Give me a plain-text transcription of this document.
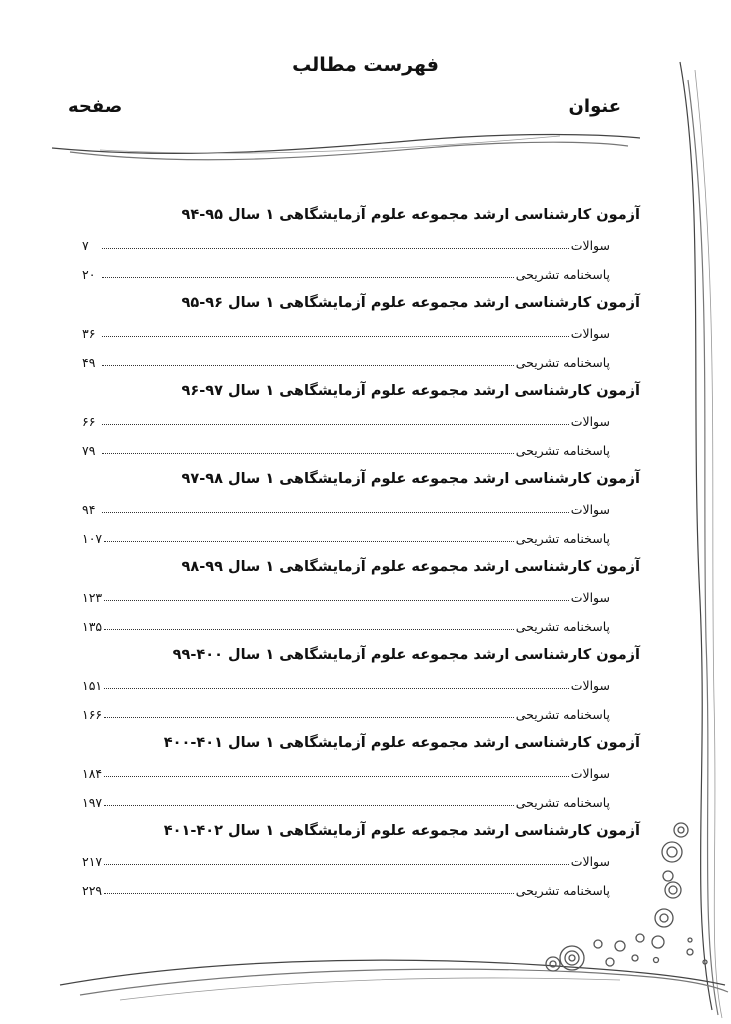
فهرست مطالب
عنوان
صفحه
آزمون کارشناسی ارشد مجموعه علوم آزمایشگاهی ۱ سال ۹۵-۹۴
سوالات
۷
پاسخنامه تشریحی
۲۰
آزمون کارشناسی ارشد مجموعه علوم آزمایشگاهی ۱ سال ۹۶-۹۵
سوالات
۳۶
پاسخنامه تشریحی
۴۹
آزمون کارشناسی ارشد مجموعه علوم آزمایشگاهی ۱ سال ۹۷-۹۶
سوالات
۶۶
پاسخنامه تشریحی
۷۹
آزمون کارشناسی ارشد مجموعه علوم آزمایشگاهی ۱ سال ۹۸-۹۷
سوالات
۹۴
پاسخنامه تشریحی
۱۰۷
آزمون کارشناسی ارشد مجموعه علوم آزمایشگاهی ۱ سال ۹۹-۹۸
سوالات
۱۲۳
پاسخنامه تشریحی
۱۳۵
آزمون کارشناسی ارشد مجموعه علوم آزمایشگاهی ۱ سال ۴۰۰-۹۹
سوالات
۱۵۱
پاسخنامه تشریحی
۱۶۶
آزمون کارشناسی ارشد مجموعه علوم آزمایشگاهی ۱ سال ۴۰۱-۴۰۰
سوالات
۱۸۴
پاسخنامه تشریحی
۱۹۷
آزمون کارشناسی ارشد مجموعه علوم آزمایشگاهی ۱ سال ۴۰۲-۴۰۱
سوالات
۲۱۷
پاسخنامه تشریحی
۲۲۹
